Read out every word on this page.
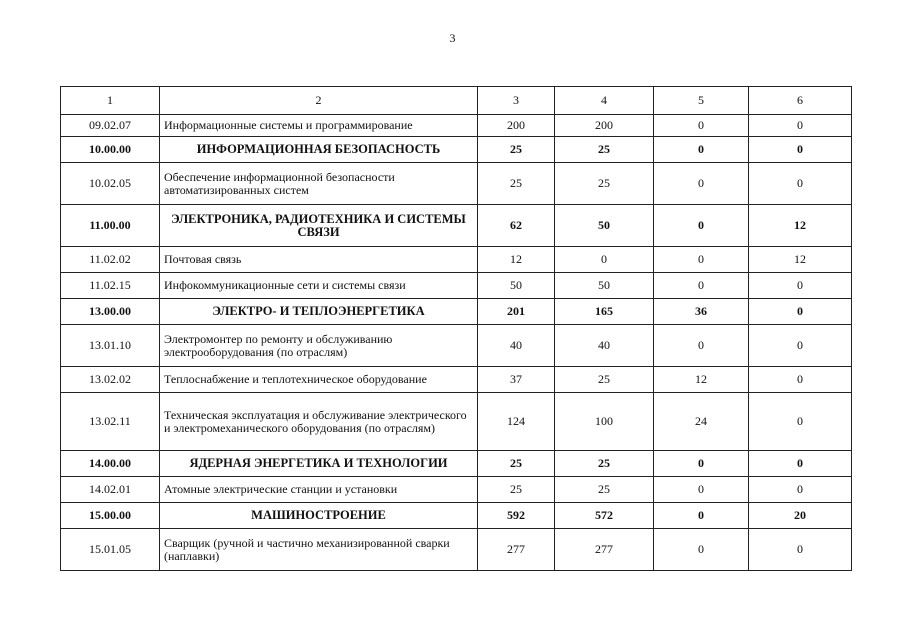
3
1	2	3	4	5	6
09.02.07	Информационные системы и программирование	200	200	0	0
10.00.00	ИНФОРМАЦИОННАЯ БЕЗОПАСНОСТЬ	25	25	0	0
10.02.05	Обеспечение информационной безопасности автоматизированных систем	25	25	0	0
11.00.00	ЭЛЕКТРОНИКА, РАДИОТЕХНИКА И СИСТЕМЫ СВЯЗИ	62	50	0	12
11.02.02	Почтовая связь	12	0	0	12
11.02.15	Инфокоммуникационные сети и системы связи	50	50	0	0
13.00.00	ЭЛЕКТРО- И ТЕПЛОЭНЕРГЕТИКА	201	165	36	0
13.01.10	Электромонтер по ремонту и обслуживанию электрооборудования (по отраслям)	40	40	0	0
13.02.02	Теплоснабжение и теплотехническое оборудование	37	25	12	0
13.02.11	Техническая эксплуатация и обслуживание электрического и электромеханического оборудования (по отраслям)	124	100	24	0
14.00.00	ЯДЕРНАЯ ЭНЕРГЕТИКА И ТЕХНОЛОГИИ	25	25	0	0
14.02.01	Атомные электрические станции и установки	25	25	0	0
15.00.00	МАШИНОСТРОЕНИЕ	592	572	0	20
15.01.05	Сварщик (ручной и частично механизированной сварки (наплавки)	277	277	0	0
